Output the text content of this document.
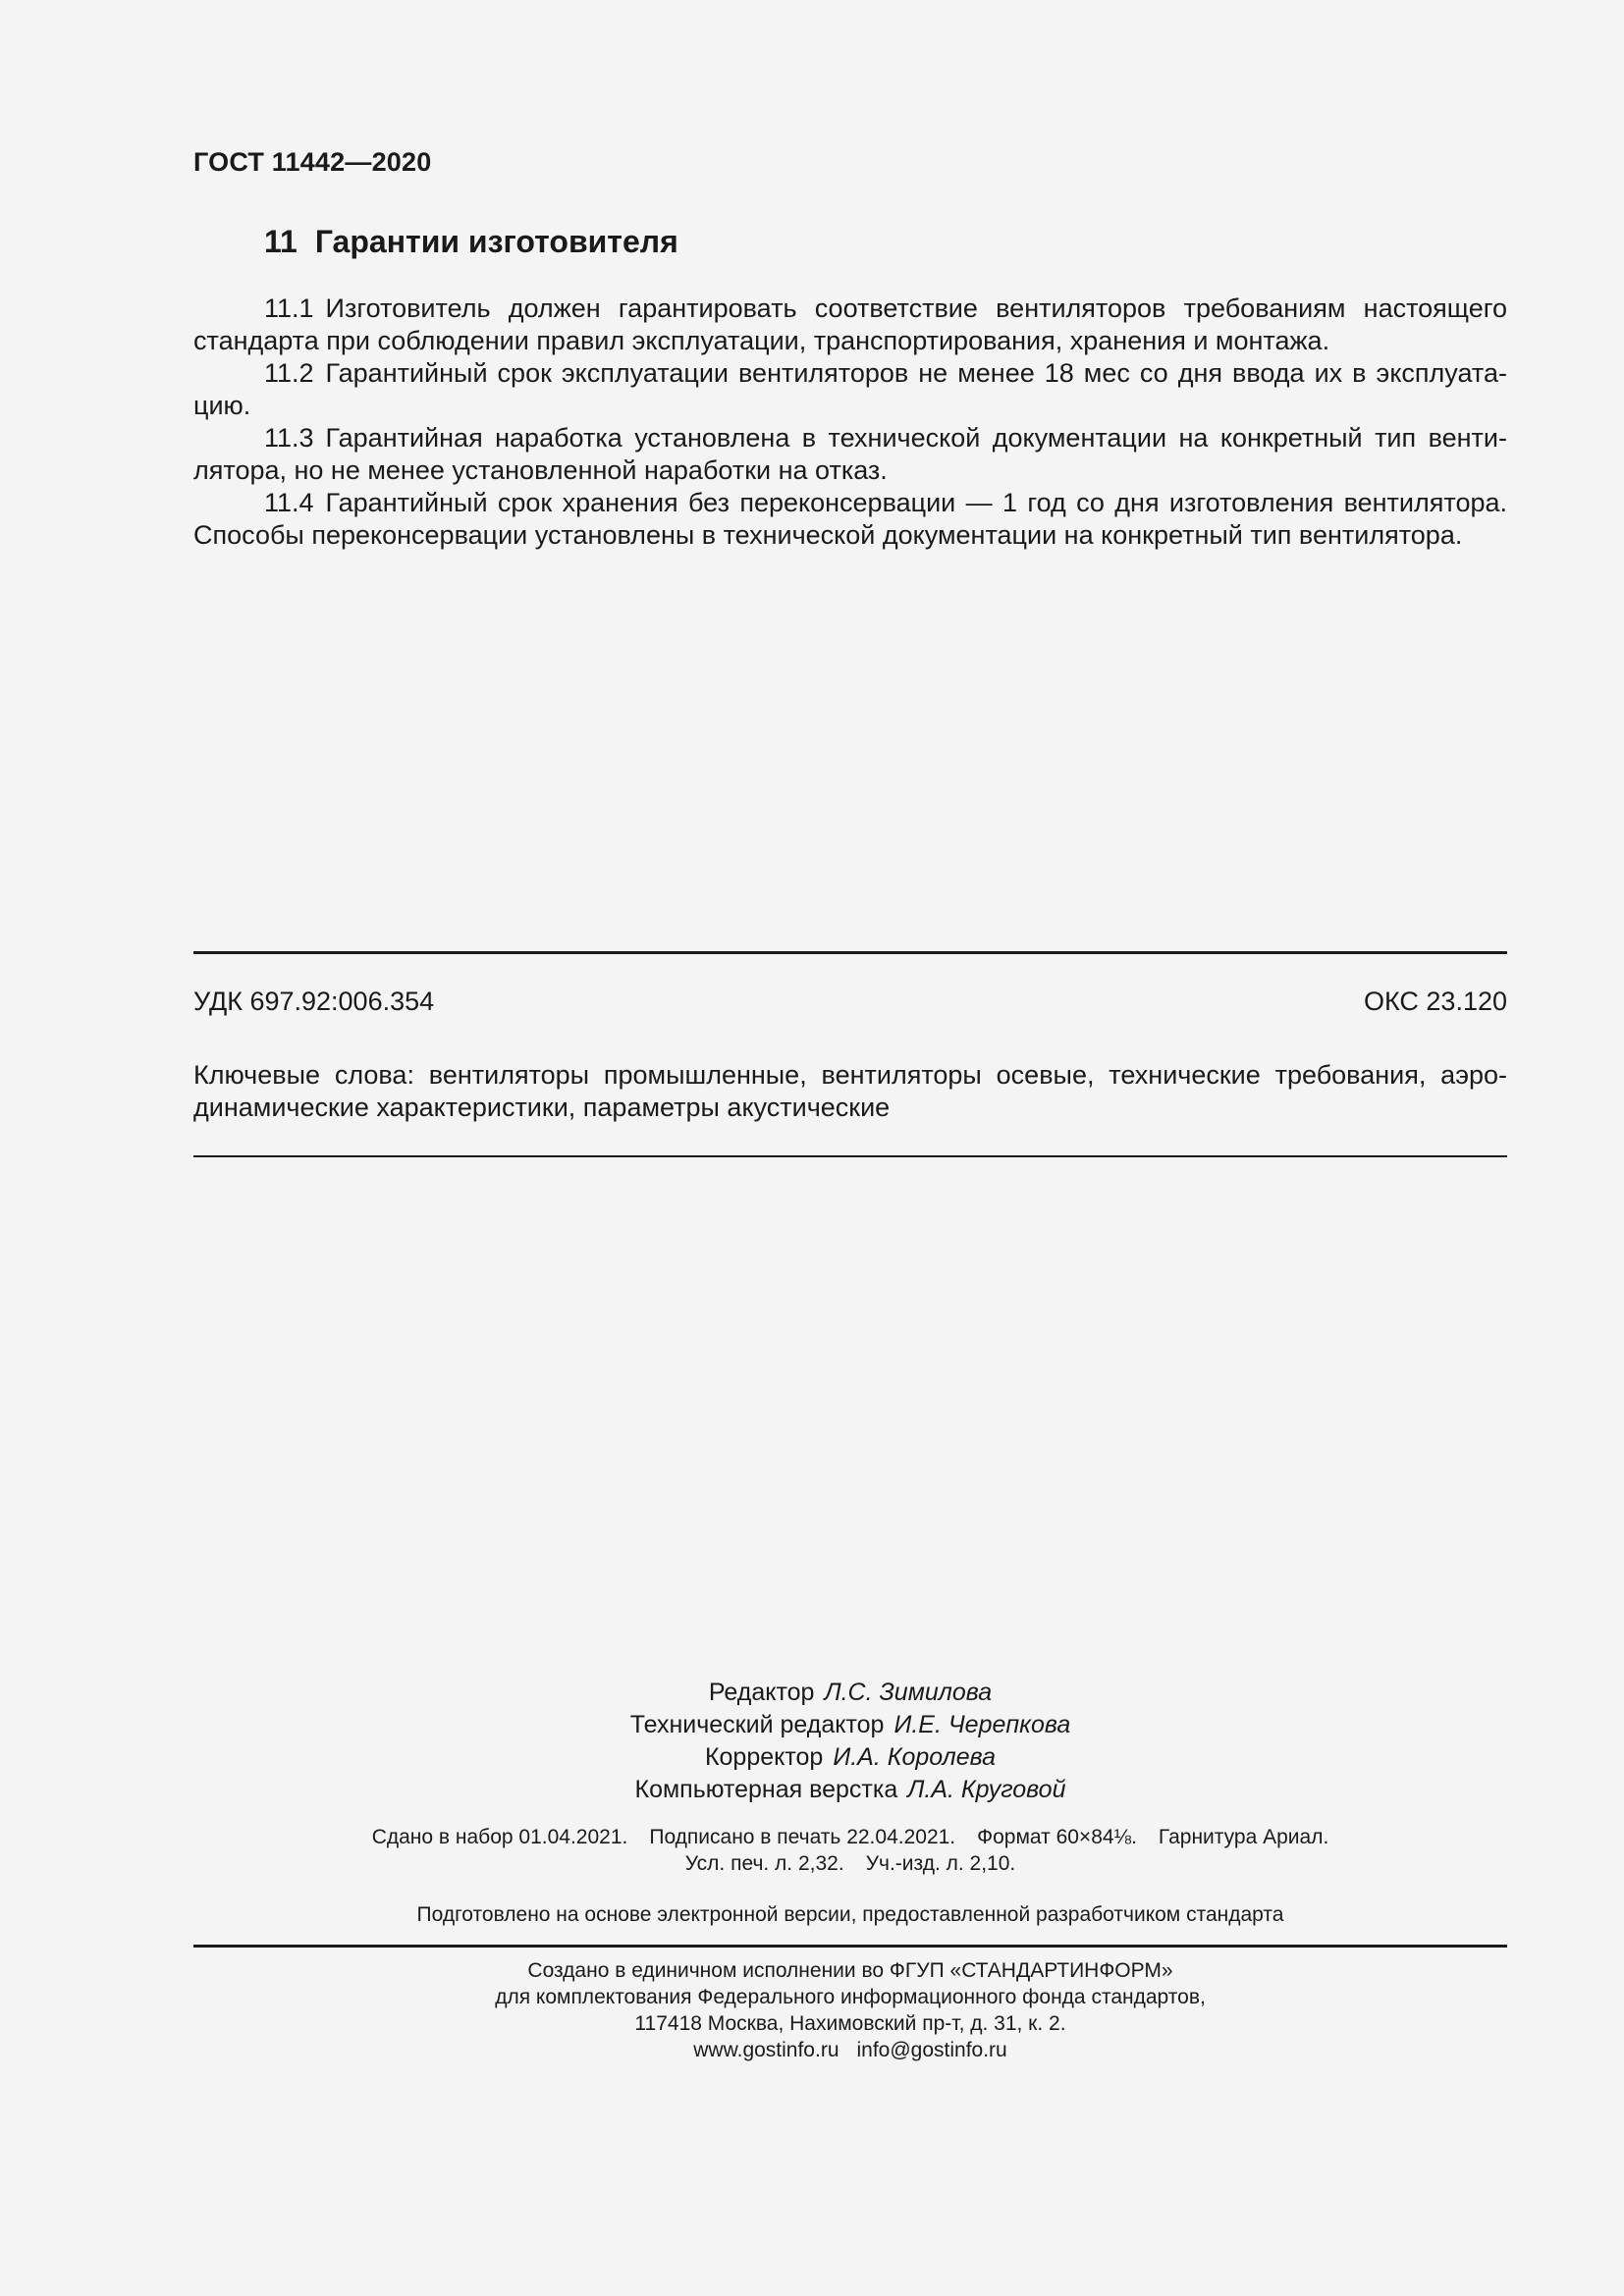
ГОСТ 11442—2020
11 Гарантии изготовителя

11.1 Изготовитель должен гарантировать соответствие вентиляторов требованиям настоящего стандарта при соблюдении правил эксплуатации, транспортирования, хранения и монтажа.

11.2 Гарантийный срок эксплуатации вентиляторов не менее 18 мес со дня ввода их в эксплуата-цию.

11.3 Гарантийная наработка установлена в технической документации на конкретный тип венти-лятора, но не менее установленной наработки на отказ.

11.4 Гарантийный срок хранения без переконсервации — 1 год со дня изготовления вентилятора. Способы переконсервации установлены в технической документации на конкретный тип вентилятора.

УДК 697.92:006.354	ОКС 23.120

Ключевые слова: вентиляторы промышленные, вентиляторы осевые, технические требования, аэро-динамические характеристики, параметры акустические

Редактор Л.С. Зимилова
Технический редактор И.Е. Черепкова
Корректор И.А. Королева
Компьютерная верстка Л.А. Круговой
Сдано в набор 01.04.2021. Подписано в печать 22.04.2021. Формат 60×84⅛. Гарнитура Ариал.
Усл. печ. л. 2,32. Уч.-изд. л. 2,10.
Подготовлено на основе электронной версии, предоставленной разработчиком стандарта
Создано в единичном исполнении во ФГУП «СТАНДАРТИНФОРМ»
для комплектования Федерального информационного фонда стандартов,
117418 Москва, Нахимовский пр-т, д. 31, к. 2.
www.gostinfo.ru info@gostinfo.ru
